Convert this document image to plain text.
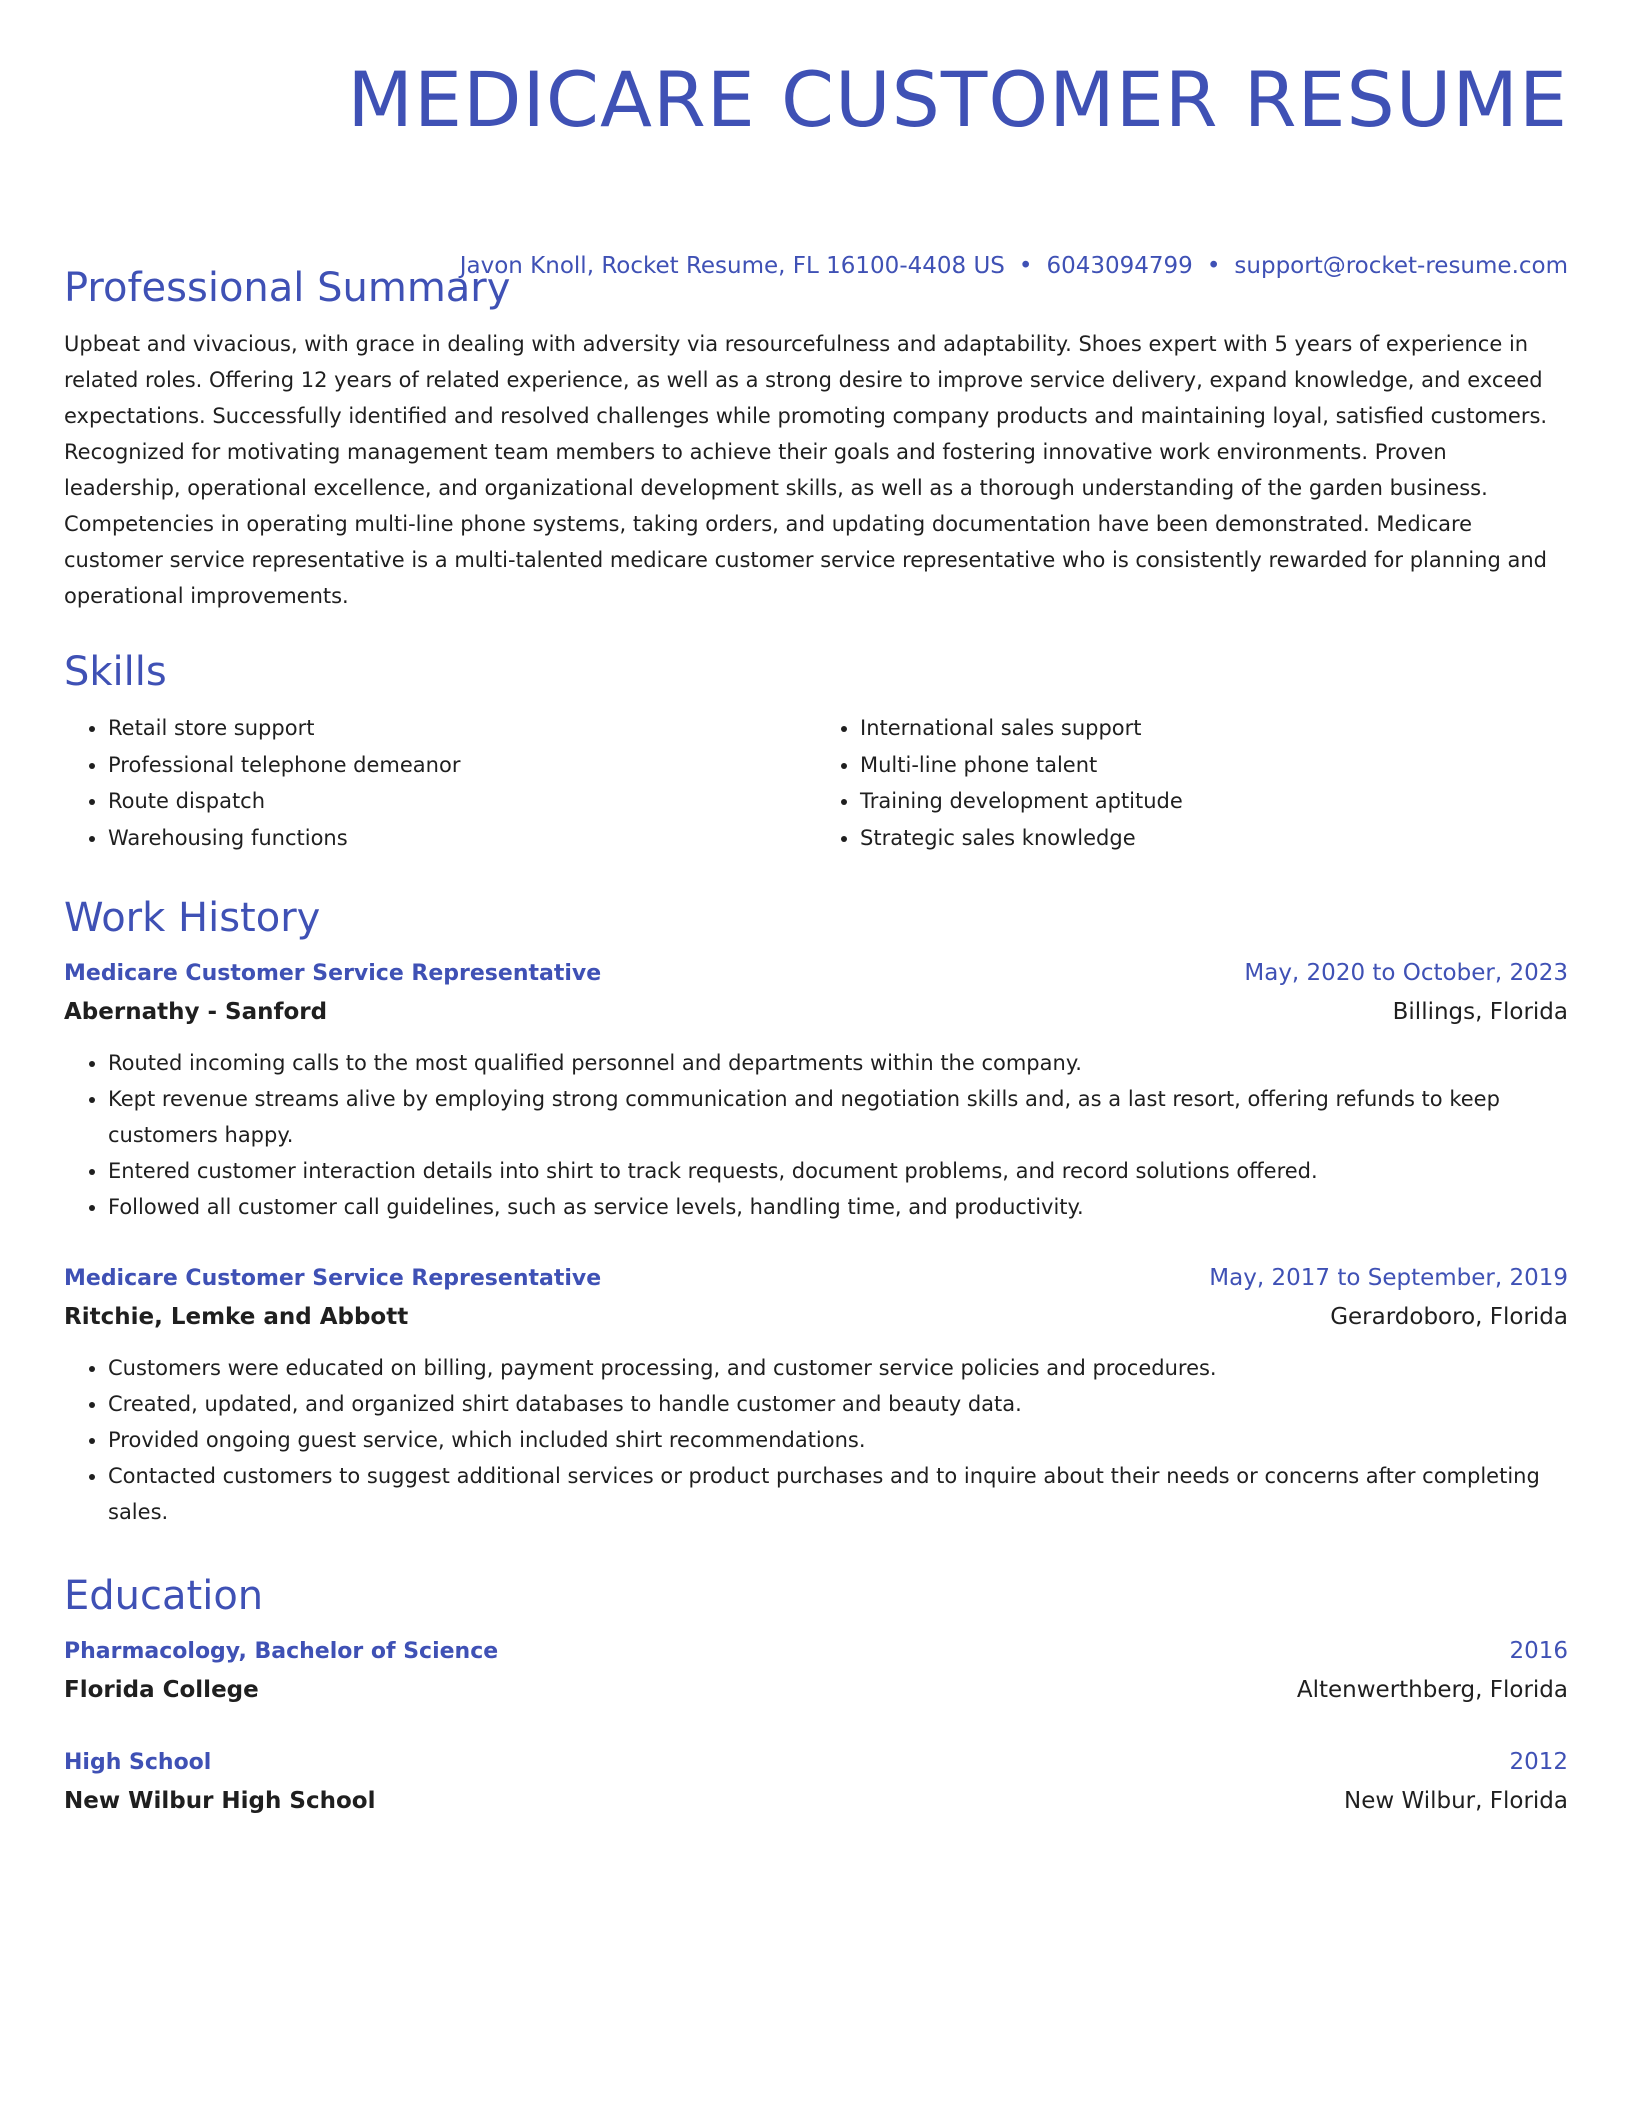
MEDICARE CUSTOMER RESUME
Javon Knoll, Rocket Resume, FL 16100-4408 US • 6043094799 • support@rocket-resume.com
Professional Summary
Upbeat and vivacious, with grace in dealing with adversity via resourcefulness and adaptability. Shoes expert with 5 years of experience in related roles. Offering 12 years of related experience, as well as a strong desire to improve service delivery, expand knowledge, and exceed expectations. Successfully identified and resolved challenges while promoting company products and maintaining loyal, satisfied customers. Recognized for motivating management team members to achieve their goals and fostering innovative work environments. Proven leadership, operational excellence, and organizational development skills, as well as a thorough understanding of the garden business. Competencies in operating multi-line phone systems, taking orders, and updating documentation have been demonstrated. Medicare customer service representative is a multi-talented medicare customer service representative who is consistently rewarded for planning and operational improvements.
Skills
• Retail store support
• Professional telephone demeanor
• Route dispatch
• Warehousing functions
• International sales support
• Multi-line phone talent
• Training development aptitude
• Strategic sales knowledge
Work History
Medicare Customer Service Representative	May, 2020 to October, 2023
Abernathy - Sanford	Billings, Florida
• Routed incoming calls to the most qualified personnel and departments within the company.
• Kept revenue streams alive by employing strong communication and negotiation skills and, as a last resort, offering refunds to keep customers happy.
• Entered customer interaction details into shirt to track requests, document problems, and record solutions offered.
• Followed all customer call guidelines, such as service levels, handling time, and productivity.
Medicare Customer Service Representative	May, 2017 to September, 2019
Ritchie, Lemke and Abbott	Gerardoboro, Florida
• Customers were educated on billing, payment processing, and customer service policies and procedures.
• Created, updated, and organized shirt databases to handle customer and beauty data.
• Provided ongoing guest service, which included shirt recommendations.
• Contacted customers to suggest additional services or product purchases and to inquire about their needs or concerns after completing sales.
Education
Pharmacology, Bachelor of Science	2016
Florida College	Altenwerthberg, Florida
High School	2012
New Wilbur High School	New Wilbur, Florida
